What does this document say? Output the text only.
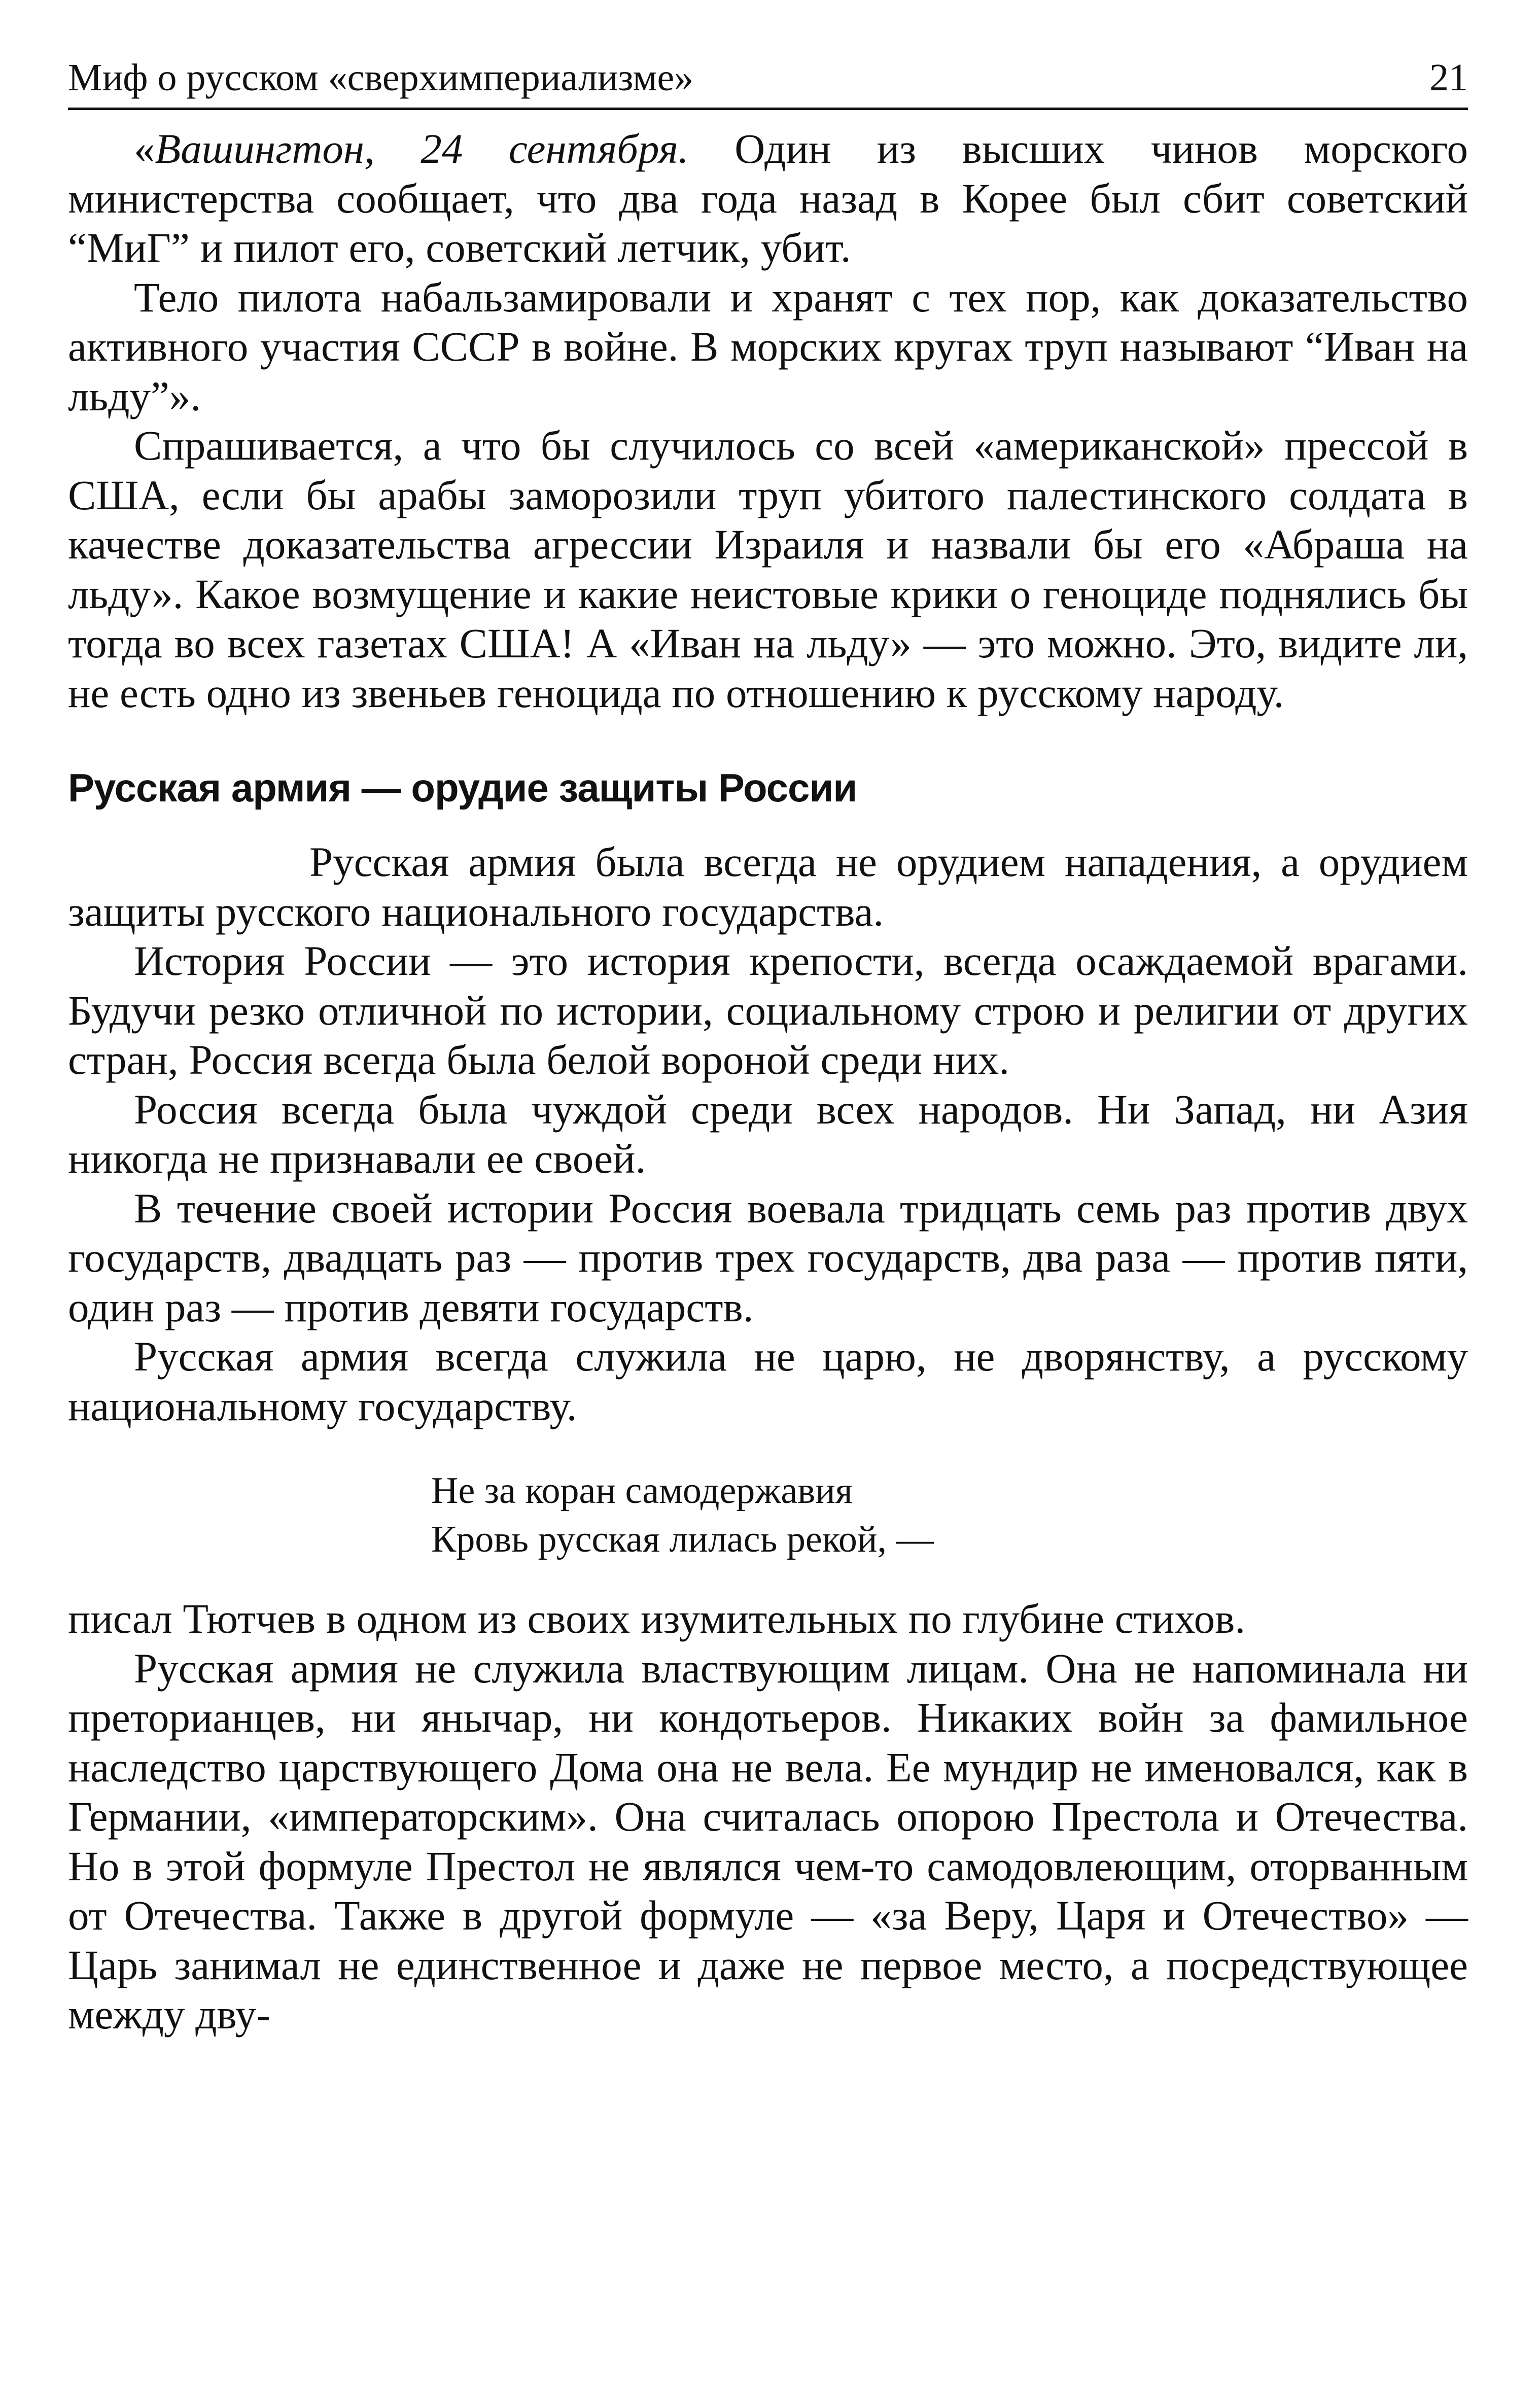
Миф о русском «сверхимпериализме»	21

«Вашингтон, 24 сентября. Один из высших чинов морского министерства сообщает, что два года назад в Корее был сбит советский “МиГ” и пилот его, советский летчик, убит.

Тело пилота набальзамировали и хранят с тех пор, как доказательство активного участия СССР в войне. В морских кругах труп называют “Иван на льду”».

Спрашивается, а что бы случилось со всей «американской» прессой в США, если бы арабы заморозили труп убитого палестинского солдата в качестве доказательства агрессии Израиля и назвали бы его «Абраша на льду». Какое возмущение и какие неистовые крики о геноциде поднялись бы тогда во всех газетах США! А «Иван на льду» — это можно. Это, видите ли, не есть одно из звеньев геноцида по отношению к русскому народу.

Русская армия — орудие защиты России

Русская армия была всегда не орудием нападения, а орудием защиты русского национального государства.

История России — это история крепости, всегда осаждаемой врагами. Будучи резко отличной по истории, социальному строю и религии от других стран, Россия всегда была белой вороной среди них.

Россия всегда была чуждой среди всех народов. Ни Запад, ни Азия никогда не признавали ее своей.

В течение своей истории Россия воевала тридцать семь раз против двух государств, двадцать раз — против трех государств, два раза — против пяти, один раз — против девяти государств.

Русская армия всегда служила не царю, не дворянству, а русскому национальному государству.

Не за коран самодержавия
Кровь русская лилась рекой, —

писал Тютчев в одном из своих изумительных по глубине стихов.

Русская армия не служила властвующим лицам. Она не напоминала ни преторианцев, ни янычар, ни кондотьеров. Никаких войн за фамильное наследство царствующего Дома она не вела. Ее мундир не именовался, как в Германии, «императорским». Она считалась опорою Престола и Отечества. Но в этой формуле Престол не являлся чем-то самодовлеющим, оторванным от Отечества. Также в другой формуле — «за Веру, Царя и Отечество» — Царь занимал не единственное и даже не первое место, а посредствующее между дву-
